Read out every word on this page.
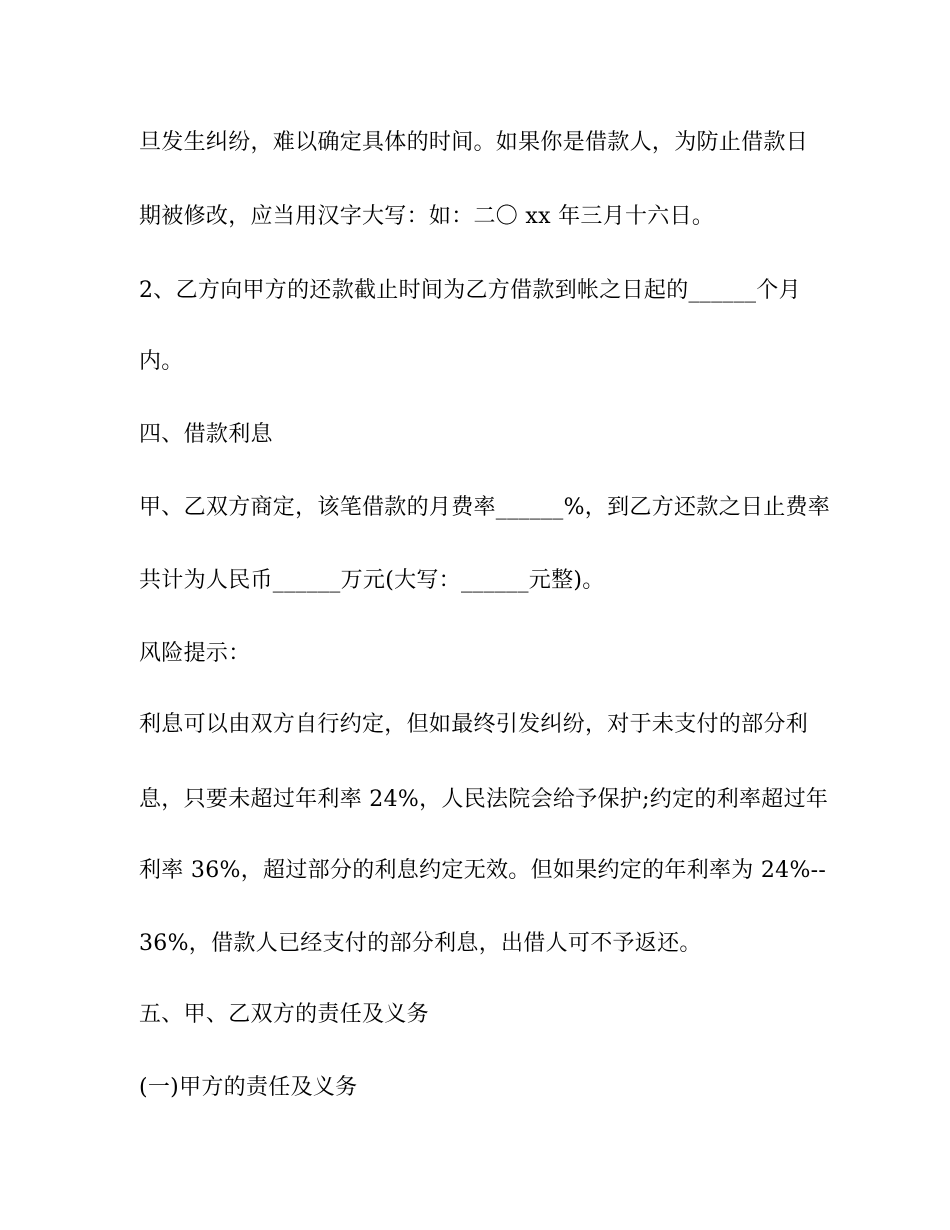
旦发生纠纷，难以确定具体的时间。如果你是借款人，为防止借款日
期被修改，应当用汉字大写：如：二〇 xx 年三月十六日。
2、乙方向甲方的还款截止时间为乙方借款到帐之日起的______个月
内。
四、借款利息
甲、乙双方商定，该笔借款的月费率______%，到乙方还款之日止费率
共计为人民币______万元(大写：______元整)。
风险提示：
利息可以由双方自行约定，但如最终引发纠纷，对于未支付的部分利
息，只要未超过年利率 24%，人民法院会给予保护;约定的利率超过年
利率 36%，超过部分的利息约定无效。但如果约定的年利率为 24%--
36%，借款人已经支付的部分利息，出借人可不予返还。
五、甲、乙双方的责任及义务
(一)甲方的责任及义务
